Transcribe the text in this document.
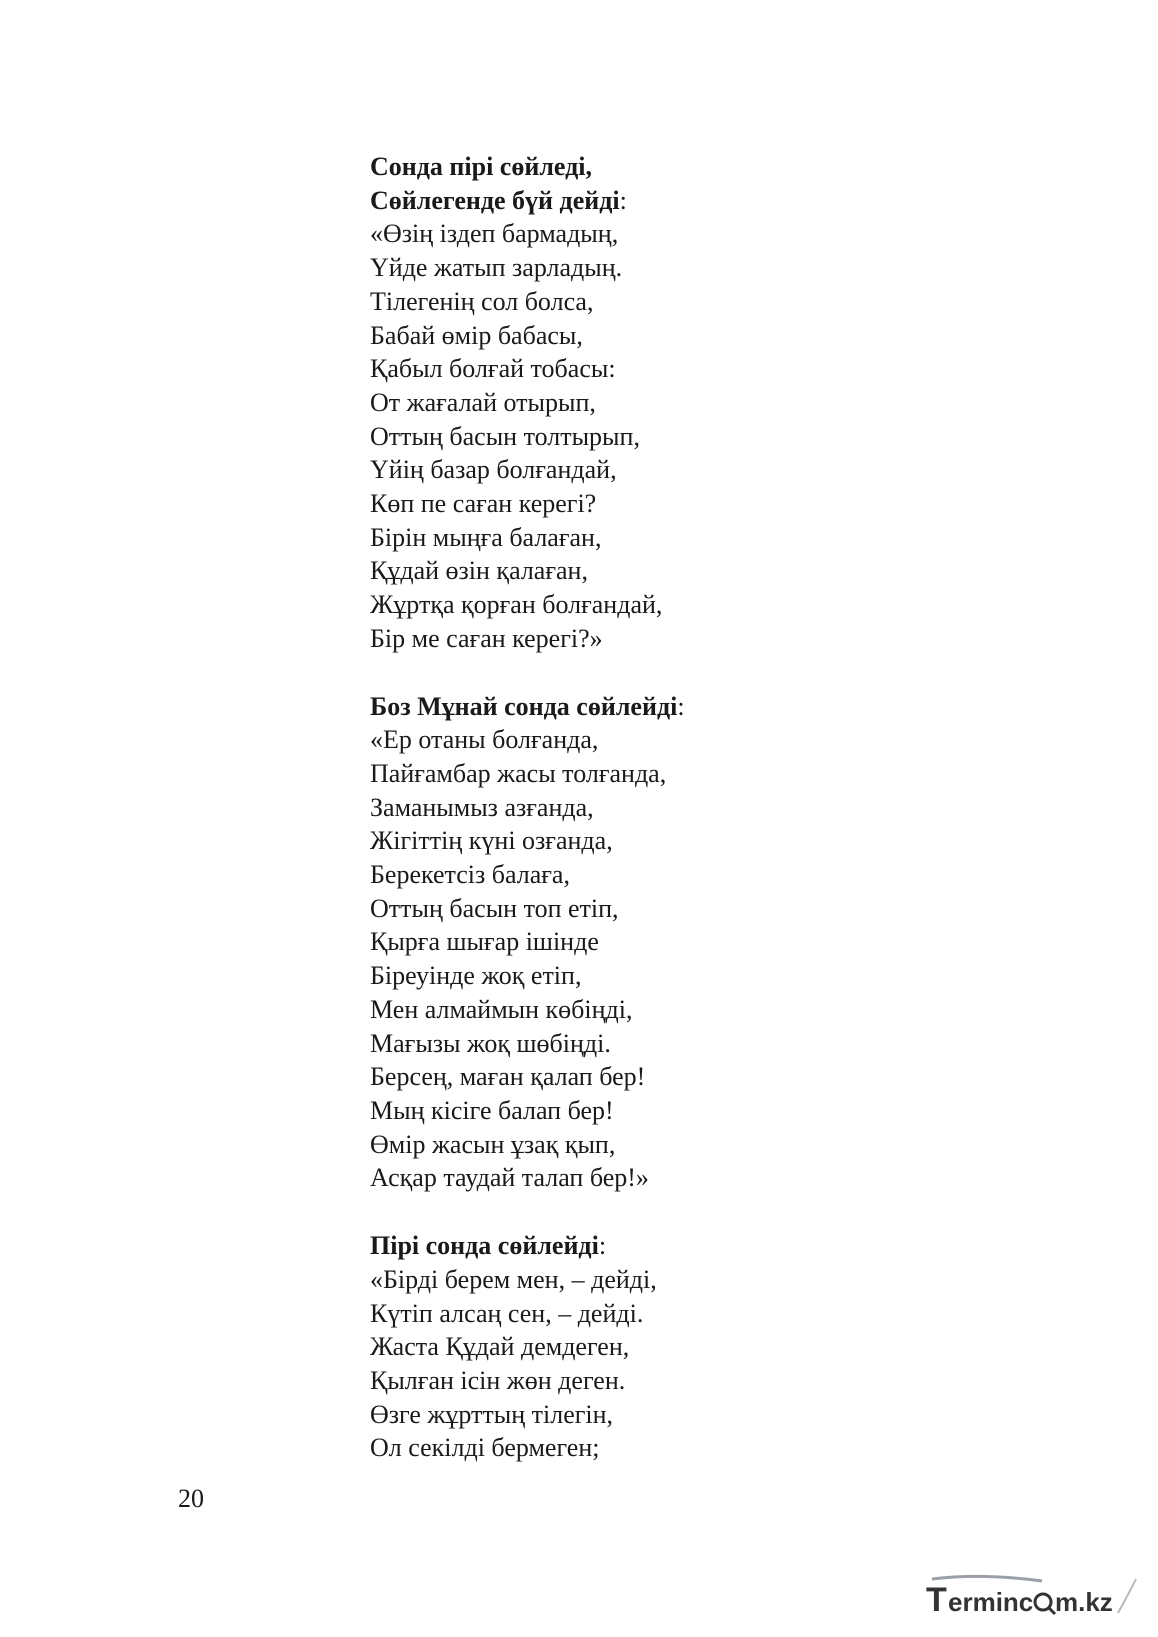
Сонда пірі сөйледі,
Сөйлегенде бүй дейді:
«Өзің іздеп бармадың,
Үйде жатып зарладың.
Тілегенің сол болса,
Бабай өмір бабасы,
Қабыл болғай тобасы:
От жағалай отырып,
Оттың басын толтырып,
Үйің базар болғандай,
Көп пе саған керегі?
Бірін мыңға балаған,
Құдай өзін қалаған,
Жұртқа қорған болғандай,
Бір ме саған керегі?»
Боз Мұнай сонда сөйлейді:
«Ер отаны болғанда,
Пайғамбар жасы толғанда,
Заманымыз азғанда,
Жігіттің күні озғанда,
Берекетсіз балаға,
Оттың басын топ етіп,
Қырға шығар ішінде
Біреуінде жоқ етіп,
Мен алмаймын көбіңді,
Мағызы жоқ шөбіңді.
Берсең, маған қалап бер!
Мың кісіге балап бер!
Өмір жасын ұзақ қып,
Асқар таудай талап бер!»
Пірі сонда сөйлейді:
«Бірді берем мен, – дейді,
Күтіп алсаң сен, – дейді.
Жаста Құдай демдеген,
Қылған ісін жөн деген.
Өзге жұрттың тілегін,
Ол секілді бермеген;
20
T erminc m.kz
